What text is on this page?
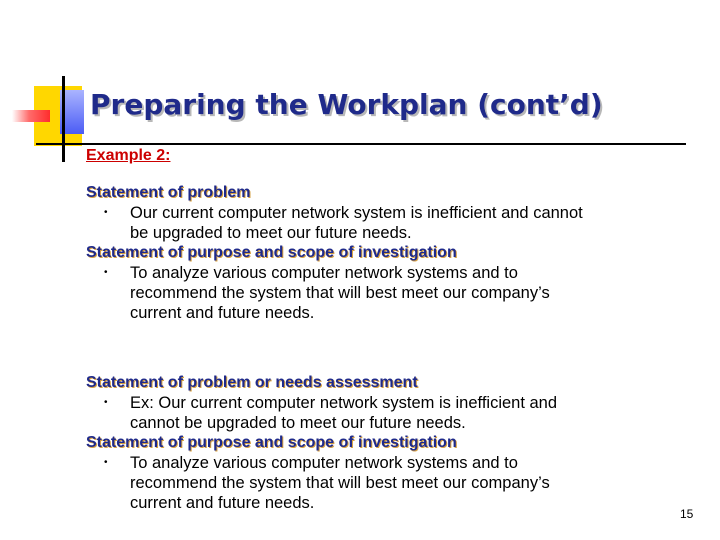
Preparing the Workplan (cont’d)
Example 2:
Statement of problem
• Our current computer network system is inefficient and cannot
be upgraded to meet our future needs.
Statement of purpose and scope of investigation
• To analyze various computer network systems and to
recommend the system that will best meet our company’s
current and future needs.
Statement of problem or needs assessment
• Ex: Our current computer network system is inefficient and
cannot be upgraded to meet our future needs.
Statement of purpose and scope of investigation
• To analyze various computer network systems and to
recommend the system that will best meet our company’s
current and future needs.
15
